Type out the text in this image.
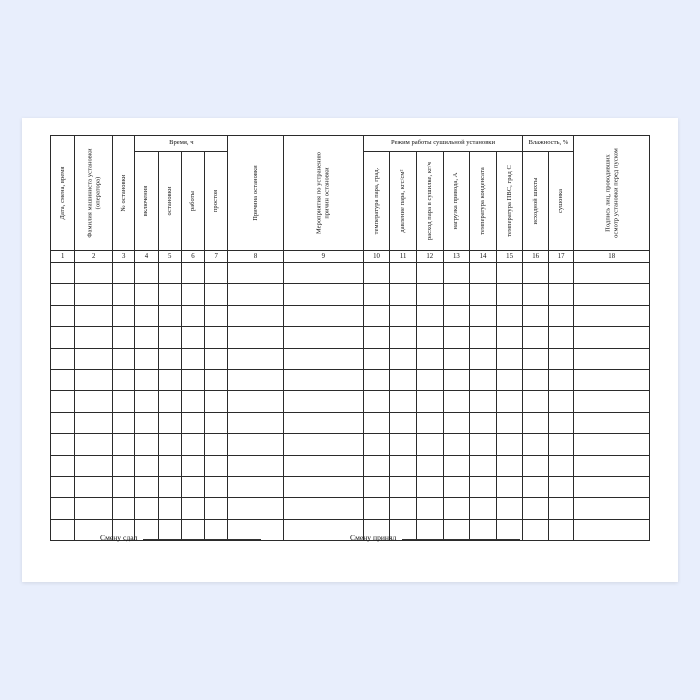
Дата, смена, время	Фамилия машиниста установки (оператора)	№ остановки	Время, ч				Причина остановки	Мероприятия по устранению причин остановки	Режим работы сушильной установки						Влажность, %		Подпись лиц, проводивших осмотр установки перед пуском

			включения	остановки	работы	простоя			температура пара, град.	давление пара, кгс/см²	расход пара в сушилке, кг/ч	нагрузка привода, А	температура конденсата	температура ПВС, град С	исходной шихты	сушонка	

1	2	3	4	5	6	7	8	9	10	11	12	13	14	15	16	17	18

Смену сдал	Смену принял
